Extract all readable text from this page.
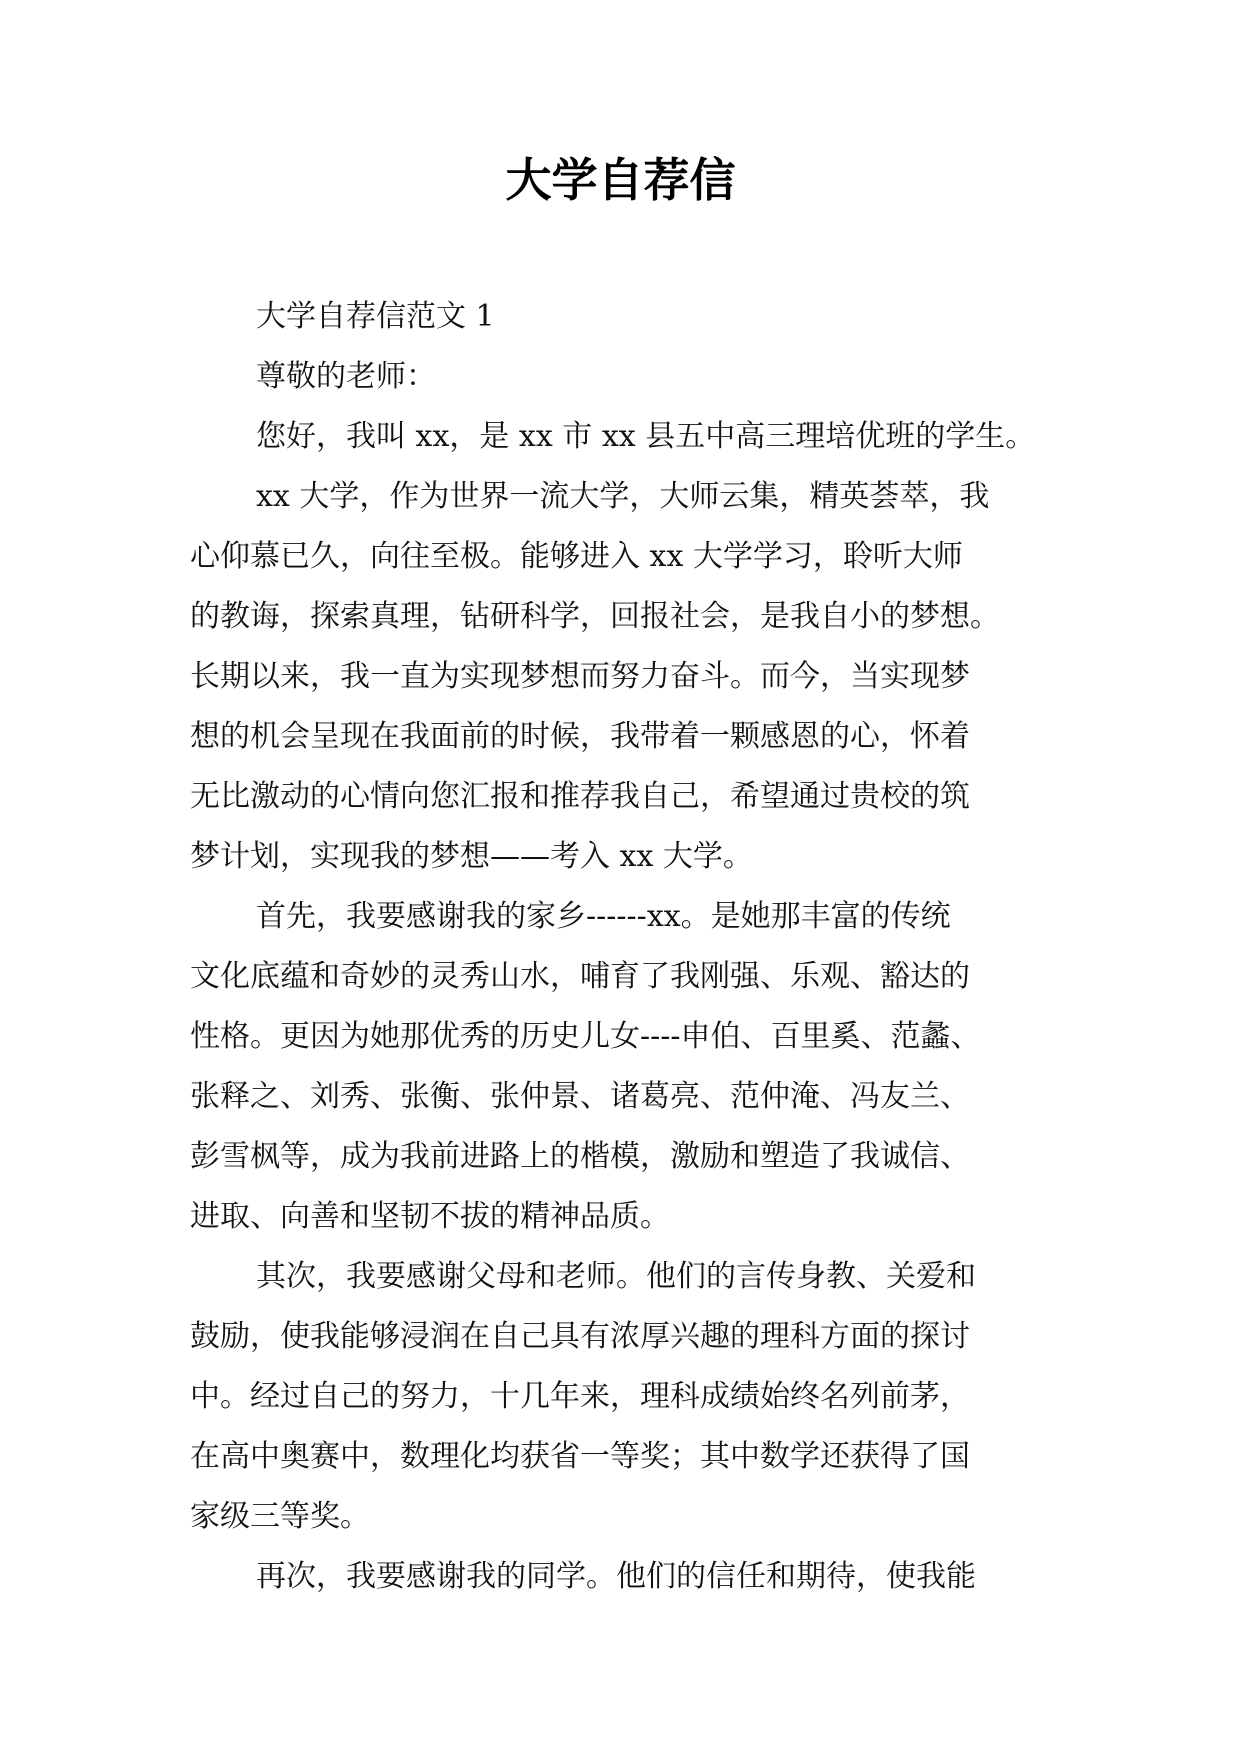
大学自荐信

大学自荐信范文 1

尊敬的老师：

您好，我叫 xx，是 xx 市 xx 县五中高三理培优班的学生。

xx 大学，作为世界一流大学，大师云集，精英荟萃，我

心仰慕已久，向往至极。能够进入 xx 大学学习，聆听大师

的教诲，探索真理，钻研科学，回报社会，是我自小的梦想。

长期以来，我一直为实现梦想而努力奋斗。而今，当实现梦

想的机会呈现在我面前的时候，我带着一颗感恩的心，怀着

无比激动的心情向您汇报和推荐我自己，希望通过贵校的筑

梦计划，实现我的梦想——考入 xx 大学。

首先，我要感谢我的家乡------xx。是她那丰富的传统

文化底蕴和奇妙的灵秀山水，哺育了我刚强、乐观、豁达的

性格。更因为她那优秀的历史儿女----申伯、百里奚、范蠡、

张释之、刘秀、张衡、张仲景、诸葛亮、范仲淹、冯友兰、

彭雪枫等，成为我前进路上的楷模，激励和塑造了我诚信、

进取、向善和坚韧不拔的精神品质。

其次，我要感谢父母和老师。他们的言传身教、关爱和

鼓励，使我能够浸润在自己具有浓厚兴趣的理科方面的探讨

中。经过自己的努力，十几年来，理科成绩始终名列前茅，

在高中奥赛中，数理化均获省一等奖；其中数学还获得了国

家级三等奖。

再次，我要感谢我的同学。他们的信任和期待，使我能
